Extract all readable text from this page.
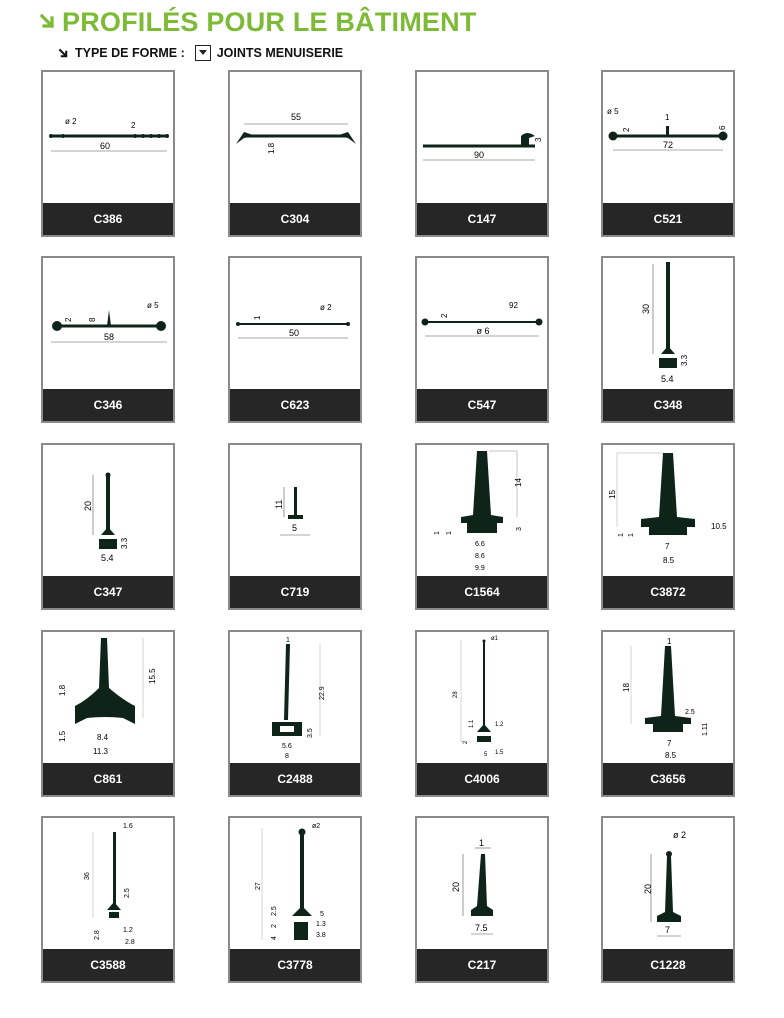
PROFILÉS POUR LE BÂTIMENT
TYPE DE FORME :	JOINTS MENUISERIE
60
ø 2	2
C386
55
1.8
C304
90
3
C147
72
ø 5
1
2	6
C521
58
2 8
ø 5
C346
50
1
ø 2
C623
ø 6
2
92
C547
30
3.3
5.4
C348
20
3.3
5.4
C347
11
5
C719
14
1 1
3
6.6
8.6
9.9
C1564
15
1 1
10.5
7
8.5
C3872
15.5
1.8
1.5	8.4
11.3
C861
1
22.9
3.5
5.6
8
C2488
ø1
28
1.1	1.2
2
5 1.5
C4006
1
18
2.5
1.11
7
8.5
C3656
1.6
36
2.5
2.8	1.2
2.8
C3588
ø2
27
2.5	5
2	1.3
4	3.8
C3778
1
20
7.5
C217
ø 2
20
7
C1228
